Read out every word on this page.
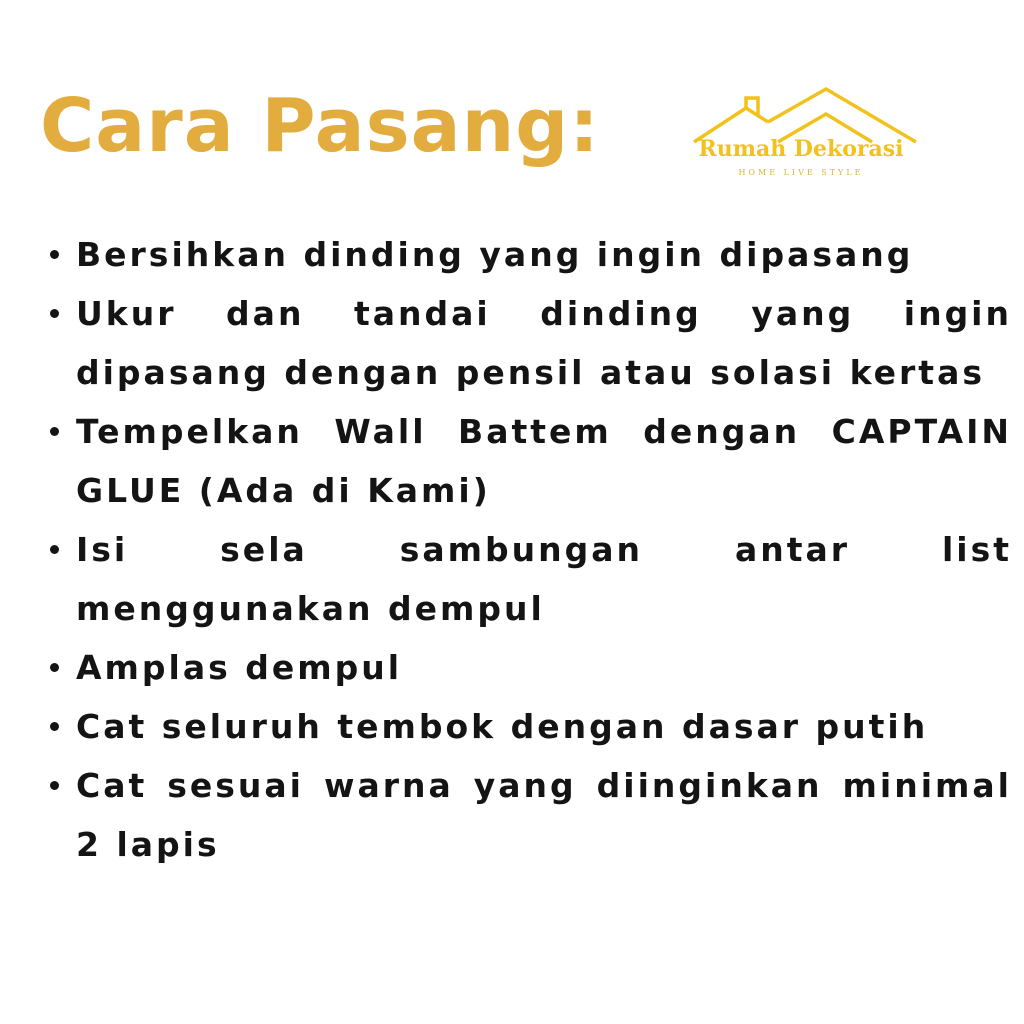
Cara Pasang:	Rumah Dekorasi
HOME LIVE STYLE
Bersihkan dinding yang ingin dipasang
Ukur dan tandai dinding yang ingin dipasang dengan pensil atau solasi kertas
Tempelkan Wall Battem dengan CAPTAIN GLUE (Ada di Kami)
Isi sela sambungan antar list menggunakan dempul
Amplas dempul
Cat seluruh tembok dengan dasar putih
Cat sesuai warna yang diinginkan minimal 2 lapis
